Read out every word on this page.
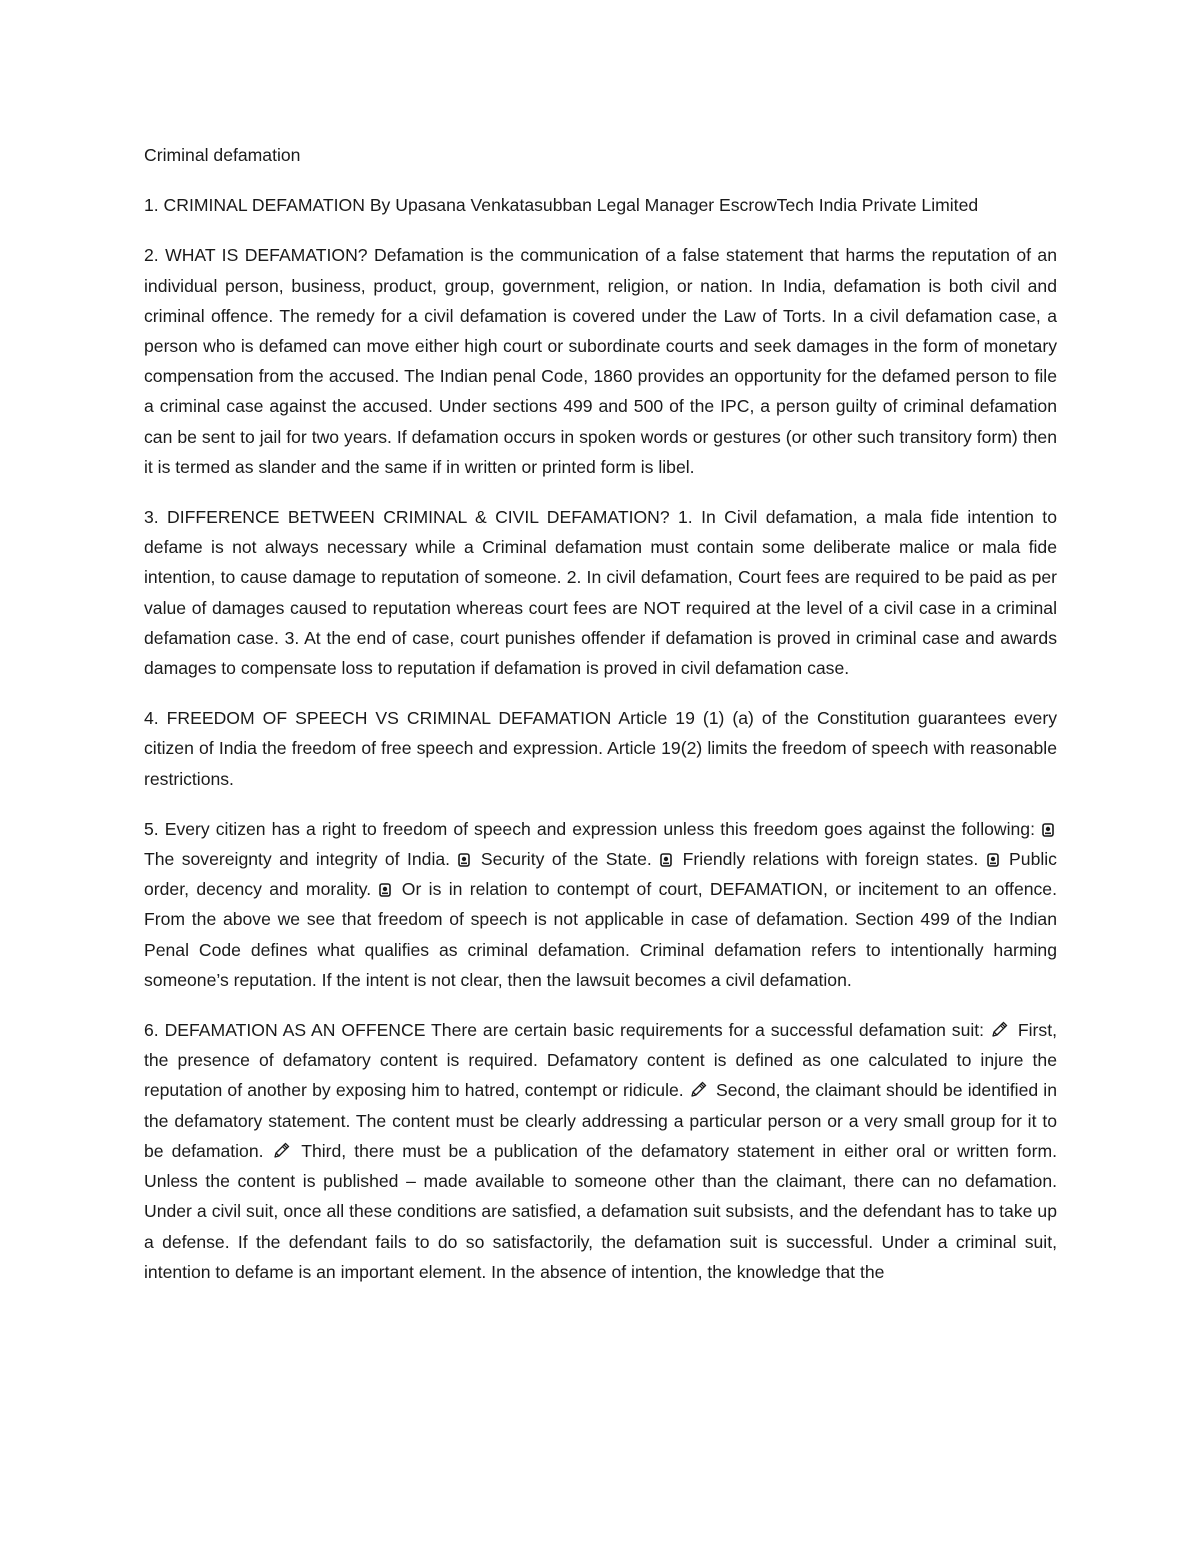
Criminal defamation

1. CRIMINAL DEFAMATION By Upasana Venkatasubban Legal Manager EscrowTech India Private Limited

2. WHAT IS DEFAMATION? Defamation is the communication of a false statement that harms the reputation of an individual person, business, product, group, government, religion, or nation. In India, defamation is both civil and criminal offence. The remedy for a civil defamation is covered under the Law of Torts. In a civil defamation case, a person who is defamed can move either high court or subordinate courts and seek damages in the form of monetary compensation from the accused. The Indian penal Code, 1860 provides an opportunity for the defamed person to file a criminal case against the accused. Under sections 499 and 500 of the IPC, a person guilty of criminal defamation can be sent to jail for two years. If defamation occurs in spoken words or gestures (or other such transitory form) then it is termed as slander and the same if in written or printed form is libel.

3. DIFFERENCE BETWEEN CRIMINAL & CIVIL DEFAMATION? 1. In Civil defamation, a mala fide intention to defame is not always necessary while a Criminal defamation must contain some deliberate malice or mala fide intention, to cause damage to reputation of someone. 2. In civil defamation, Court fees are required to be paid as per value of damages caused to reputation whereas court fees are NOT required at the level of a civil case in a criminal defamation case. 3. At the end of case, court punishes offender if defamation is proved in criminal case and awards damages to compensate loss to reputation if defamation is proved in civil defamation case.

4. FREEDOM OF SPEECH VS CRIMINAL DEFAMATION Article 19 (1) (a) of the Constitution guarantees every citizen of India the freedom of free speech and expression. Article 19(2) limits the freedom of speech with reasonable restrictions.

5. Every citizen has a right to freedom of speech and expression unless this freedom goes against the following:  The sovereignty and integrity of India.  Security of the State.  Friendly relations with foreign states.  Public order, decency and morality.  Or is in relation to contempt of court, DEFAMATION, or incitement to an offence. From the above we see that freedom of speech is not applicable in case of defamation. Section 499 of the Indian Penal Code defines what qualifies as criminal defamation. Criminal defamation refers to intentionally harming someone’s reputation. If the intent is not clear, then the lawsuit becomes a civil defamation.

6. DEFAMATION AS AN OFFENCE There are certain basic requirements for a successful defamation suit:  First, the presence of defamatory content is required. Defamatory content is defined as one calculated to injure the reputation of another by exposing him to hatred, contempt or ridicule.  Second, the claimant should be identified in the defamatory statement. The content must be clearly addressing a particular person or a very small group for it to be defamation.  Third, there must be a publication of the defamatory statement in either oral or written form. Unless the content is published – made available to someone other than the claimant, there can no defamation. Under a civil suit, once all these conditions are satisfied, a defamation suit subsists, and the defendant has to take up a defense. If the defendant fails to do so satisfactorily, the defamation suit is successful. Under a criminal suit, intention to defame is an important element. In the absence of intention, the knowledge that the
